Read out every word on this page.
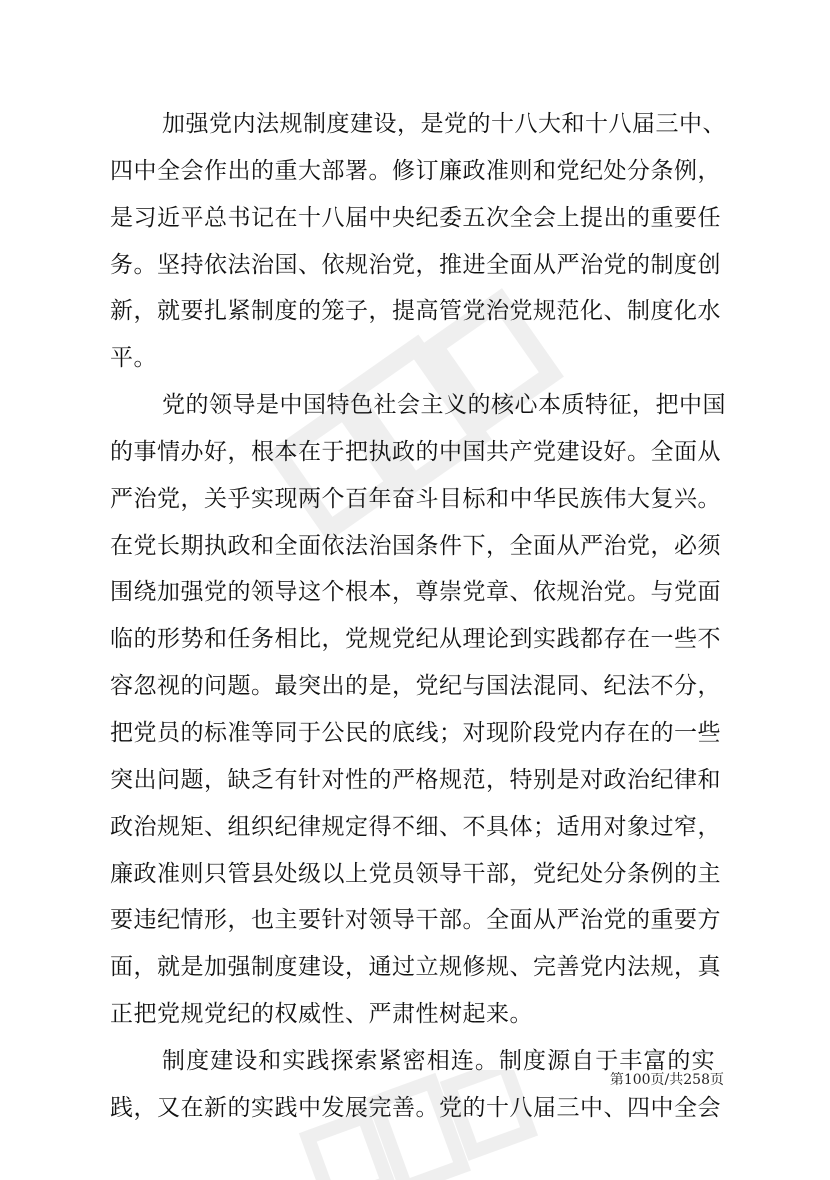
加强党内法规制度建设，是党的十八大和十八届三中、
四中全会作出的重大部署。修订廉政准则和党纪处分条例，
是习近平总书记在十八届中央纪委五次全会上提出的重要任
务。坚持依法治国、依规治党，推进全面从严治党的制度创
新，就要扎紧制度的笼子，提高管党治党规范化、制度化水
平。
党的领导是中国特色社会主义的核心本质特征，把中国
的事情办好，根本在于把执政的中国共产党建设好。全面从
严治党，关乎实现两个百年奋斗目标和中华民族伟大复兴。
在党长期执政和全面依法治国条件下，全面从严治党，必须
围绕加强党的领导这个根本，尊崇党章、依规治党。与党面
临的形势和任务相比，党规党纪从理论到实践都存在一些不
容忽视的问题。最突出的是，党纪与国法混同、纪法不分，
把党员的标准等同于公民的底线；对现阶段党内存在的一些
突出问题，缺乏有针对性的严格规范，特别是对政治纪律和
政治规矩、组织纪律规定得不细、不具体；适用对象过窄，
廉政准则只管县处级以上党员领导干部，党纪处分条例的主
要违纪情形，也主要针对领导干部。全面从严治党的重要方
面，就是加强制度建设，通过立规修规、完善党内法规，真
正把党规党纪的权威性、严肃性树起来。
制度建设和实践探索紧密相连。制度源自于丰富的实
践，又在新的实践中发展完善。党的十八届三中、四中全会
第100页/共258页
